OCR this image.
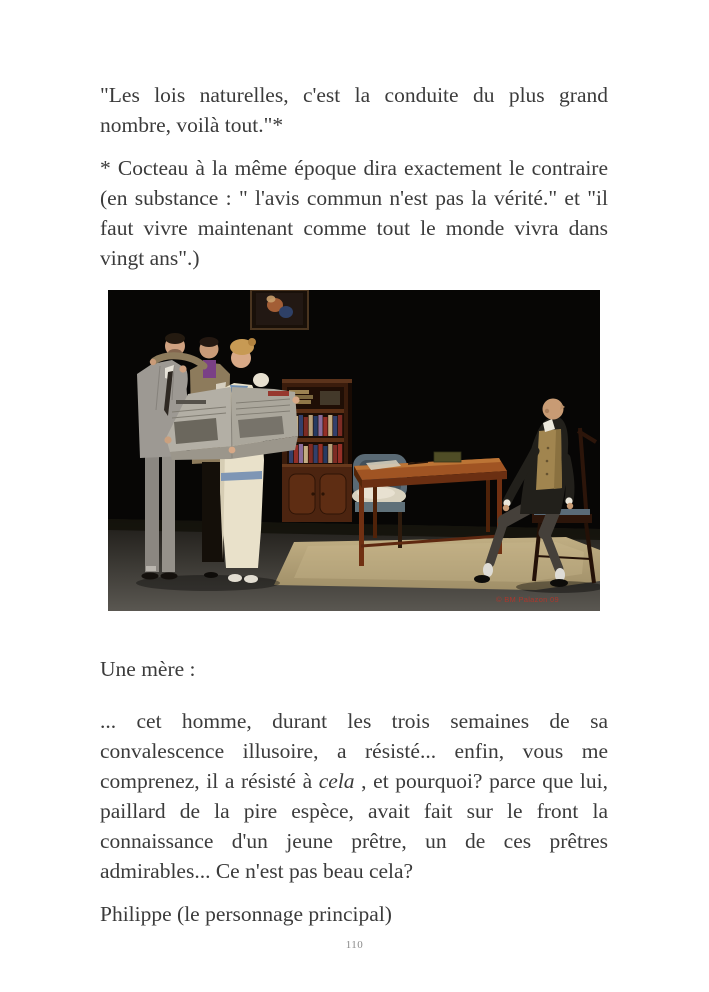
"Les lois naturelles, c'est la conduite du plus grand nombre, voilà tout."*

* Cocteau à la même époque dira exactement le contraire (en substance : " l'avis commun n'est pas la vérité." et "il faut vivre maintenant comme tout le monde vivra dans vingt ans".)

© BM Palazon 09

Une mère :

... cet homme, durant les trois semaines de sa convalescence illusoire, a résisté... enfin, vous me comprenez, il a résisté à cela , et pourquoi? parce que lui, paillard de la pire espèce, avait fait sur le front la connaissance d'un jeune prêtre, un de ces prêtres admirables... Ce n'est pas beau cela?

Philippe (le personnage principal)

110
